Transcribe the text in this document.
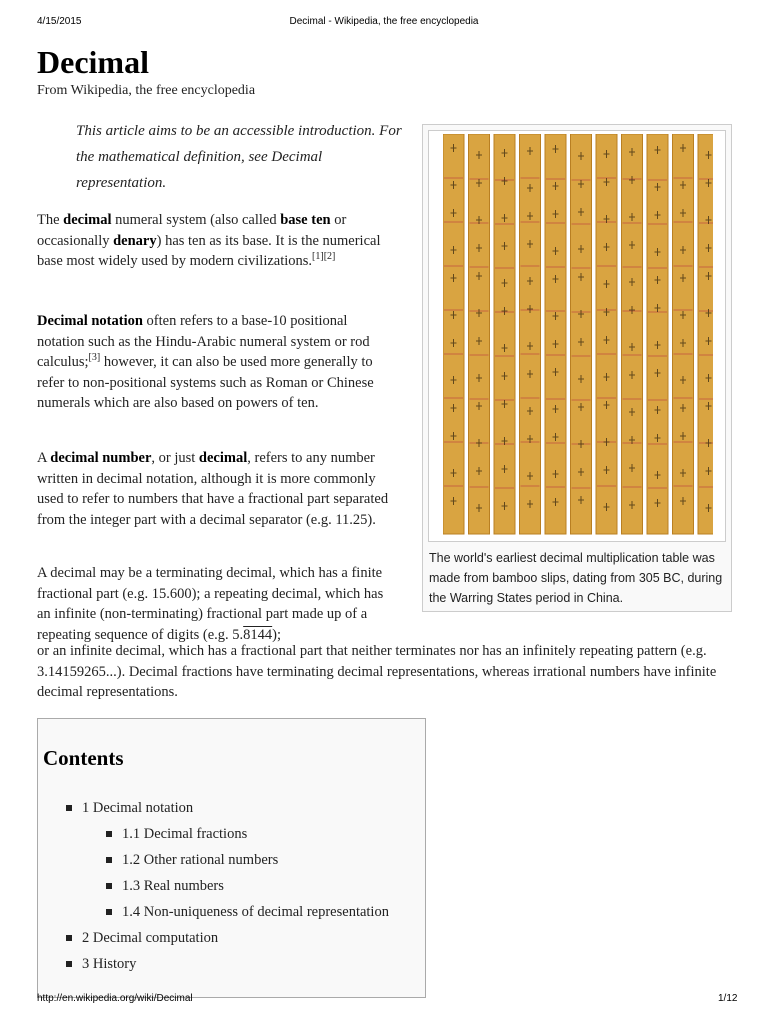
4/15/2015	Decimal - Wikipedia, the free encyclopedia
Decimal
From Wikipedia, the free encyclopedia
This article aims to be an accessible introduction. For the mathematical definition, see Decimal representation.

The decimal numeral system (also called base ten or occasionally denary) has ten as its base. It is the numerical base most widely used by modern civilizations.[1][2]

Decimal notation often refers to a base-10 positional notation such as the Hindu-Arabic numeral system or rod calculus;[3] however, it can also be used more generally to refer to non-positional systems such as Roman or Chinese numerals which are also based on powers of ten.

A decimal number, or just decimal, refers to any number written in decimal notation, although it is more commonly used to refer to numbers that have a fractional part separated from the integer part with a decimal separator (e.g. 11.25).

A decimal may be a terminating decimal, which has a finite fractional part (e.g. 15.600); a repeating decimal, which has an infinite (non-terminating) fractional part made up of a repeating sequence of digits (e.g. 5.8144);

or an infinite decimal, which has a fractional part that neither terminates nor has an infinitely repeating pattern (e.g. 3.14159265...). Decimal fractions have terminating decimal representations, whereas irrational numbers have infinite decimal representations.

The world's earliest decimal multiplication table was made from bamboo slips, dating from 305 BC, during the Warring States period in China.
Contents
1 Decimal notation
1.1 Decimal fractions
1.2 Other rational numbers
1.3 Real numbers
1.4 Non-uniqueness of decimal representation
2 Decimal computation
3 History
http://en.wikipedia.org/wiki/Decimal	1/12
